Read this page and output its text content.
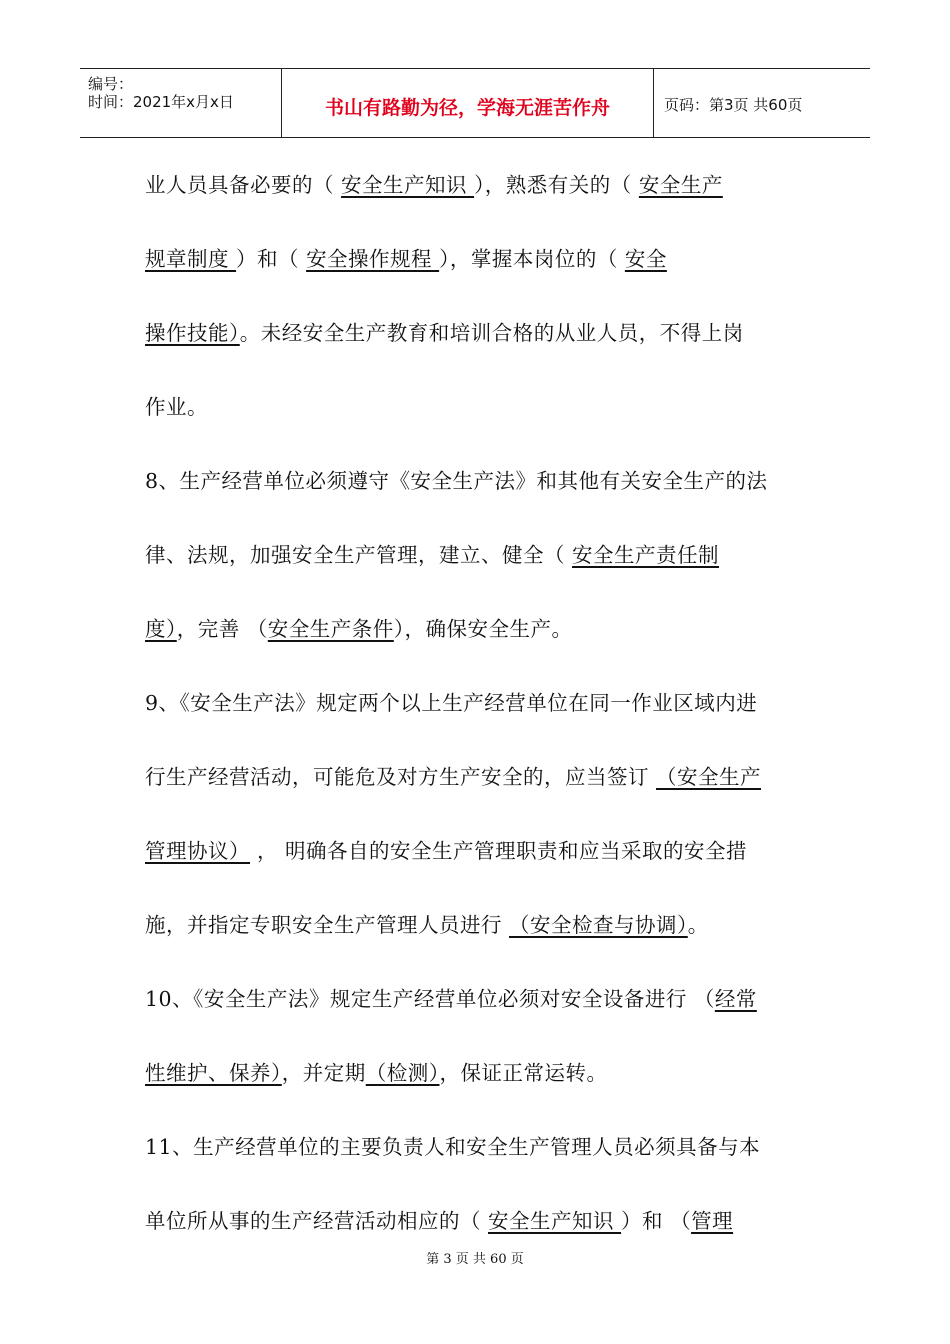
编号：
时间：2021年x月x日	书山有路勤为径，学海无涯苦作舟	页码：第3页 共60页
业人员具备必要的（ 安全生产知识 ），熟悉有关的（ 安全生产
规章制度 ）和（ 安全操作规程 ），掌握本岗位的（ 安全
操作技能）。未经安全生产教育和培训合格的从业人员，不得上岗
作业。
8、生产经营单位必须遵守《安全生产法》和其他有关安全生产的法
律、法规，加强安全生产管理，建立、健全（ 安全生产责任制
度），完善 （安全生产条件），确保安全生产。
9、《安全生产法》规定两个以上生产经营单位在同一作业区域内进
行生产经营活动，可能危及对方生产安全的，应当签订 （安全生产
管理协议） ， 明确各自的安全生产管理职责和应当采取的安全措
施，并指定专职安全生产管理人员进行 （安全检查与协调）。
10、《安全生产法》规定生产经营单位必须对安全设备进行 （经常
性维护、保养），并定期（检测），保证正常运转。
11、生产经营单位的主要负责人和安全生产管理人员必须具备与本
单位所从事的生产经营活动相应的（ 安全生产知识 ）和 （管理
第 3 页 共 60 页
